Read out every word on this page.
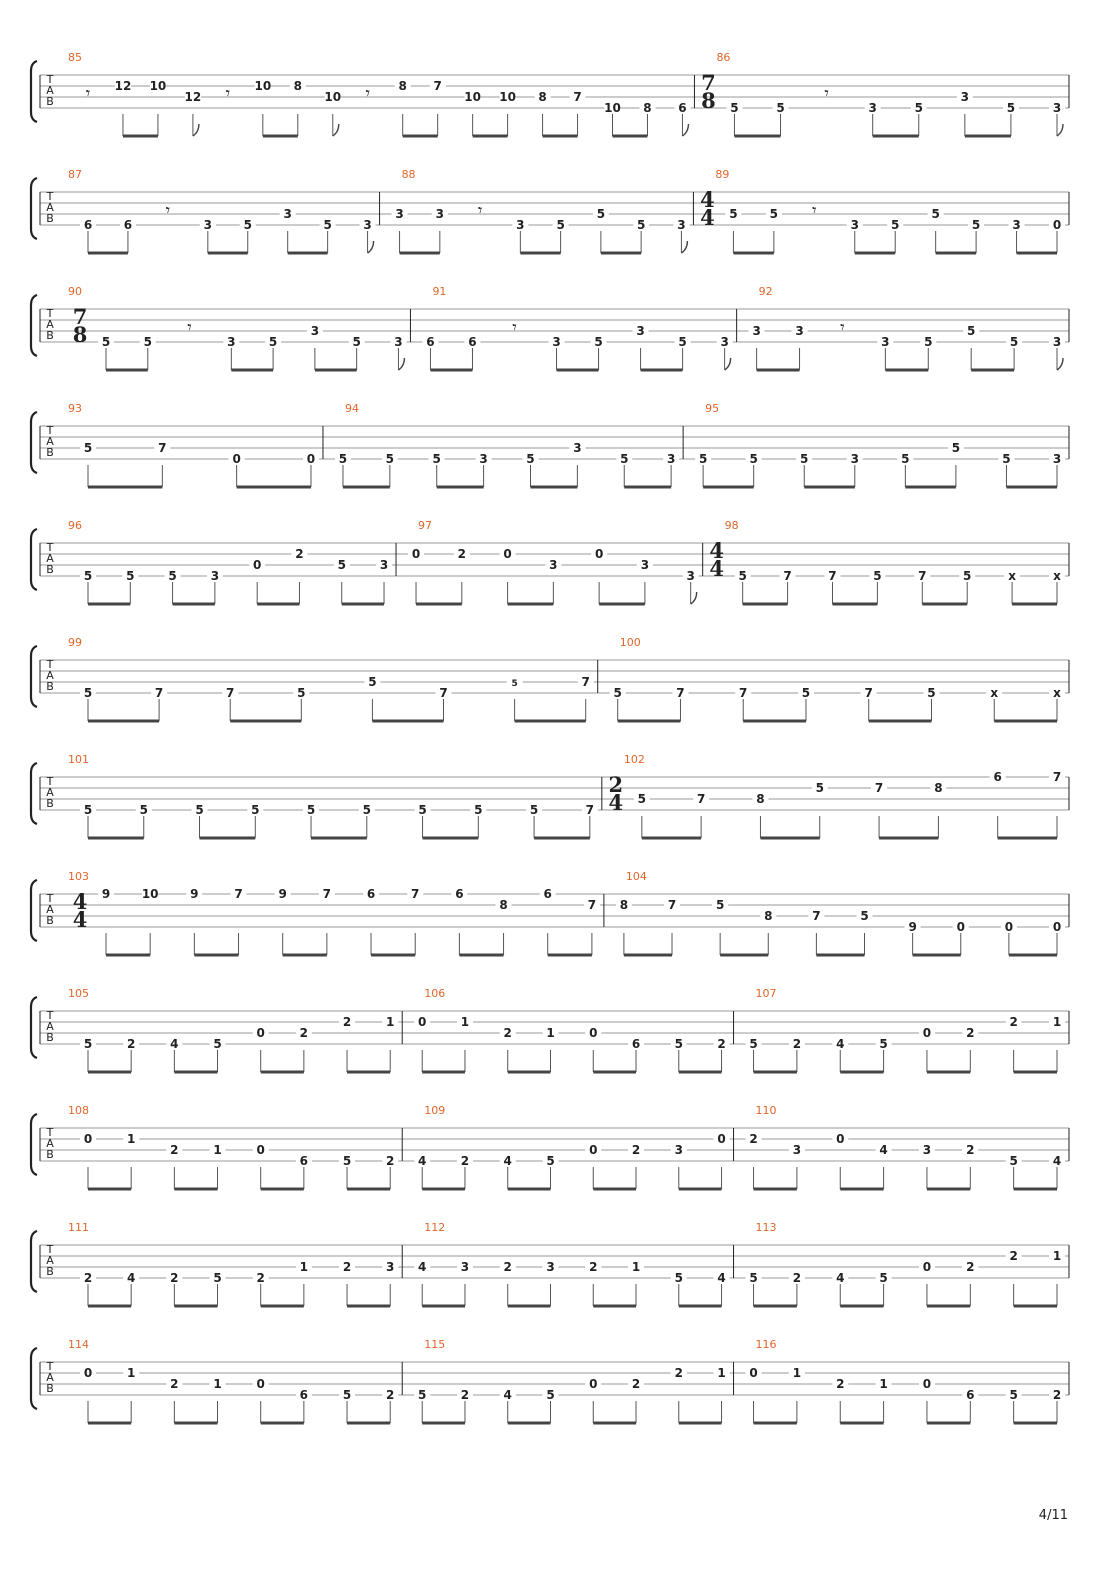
T
A
B
85
𝄾 12 10
12 𝄾 10 8
10 𝄾 8 7
10 10 8 7
10 8 6
86
7
8 5	5
𝄾
3	5
3
5	3
T
A
B
87
6	6
𝄾
3	5
3
5	3
88
3	3 𝄾
3	5
5
5	3
89
4
4 5	5 𝄾
3	5
5
5	3	0
T
A
B
90
7
8 5	5
𝄾
3	5
3
5	3
91
6	6
𝄾
3	5
3
5	3
92
3	3 𝄾
3	5
5
5	3
T
A
B
93
5	7
0	0
94
5	5	5	3	5
3
5	3
95
5	5	5	3	5
5
5	3
T
A
B
96
5	5	5	3
0
2
5	3
97
0	2	0
3
0
3
3
98
4
4 5	7	7	5	7	5	x	x
T
A
B
99
5	7	7	5
5
7
5	7
100
5	7	7	5	7	5	x	x
T
A
B
101
5	5	5	5	5	5	5	5	5	7
102
2
4 5	7	8
5	7	8
6	7
T
A
B
103
4
4
9	10	9	7	9	7	6	7	6
8
6
7
104
8	7	5
8	7	5
9	0	0	0
T
A
B
105
5	2	4	5
0	2
2	1
106
0	1
2	1	0
6	5	2
107
5	2	4	5
0	2
2	1
T
A
B
108
0	1
2	1	0
6	5	2
109
4	2	4	5
0	2	3
0
110
2
3
0
4	3	2
5	4
T
A
B
111
2	4	2	5	2
1	2	3
112
4	3	2	3	2	1
5	4
113
5	2	4	5
0	2
2	1
T
A
B
114
0	1
2	1	0
6	5	2
115
5	2	4	5
0	2
2	1
116
0	1
2	1	0
6	5	2
4/11
